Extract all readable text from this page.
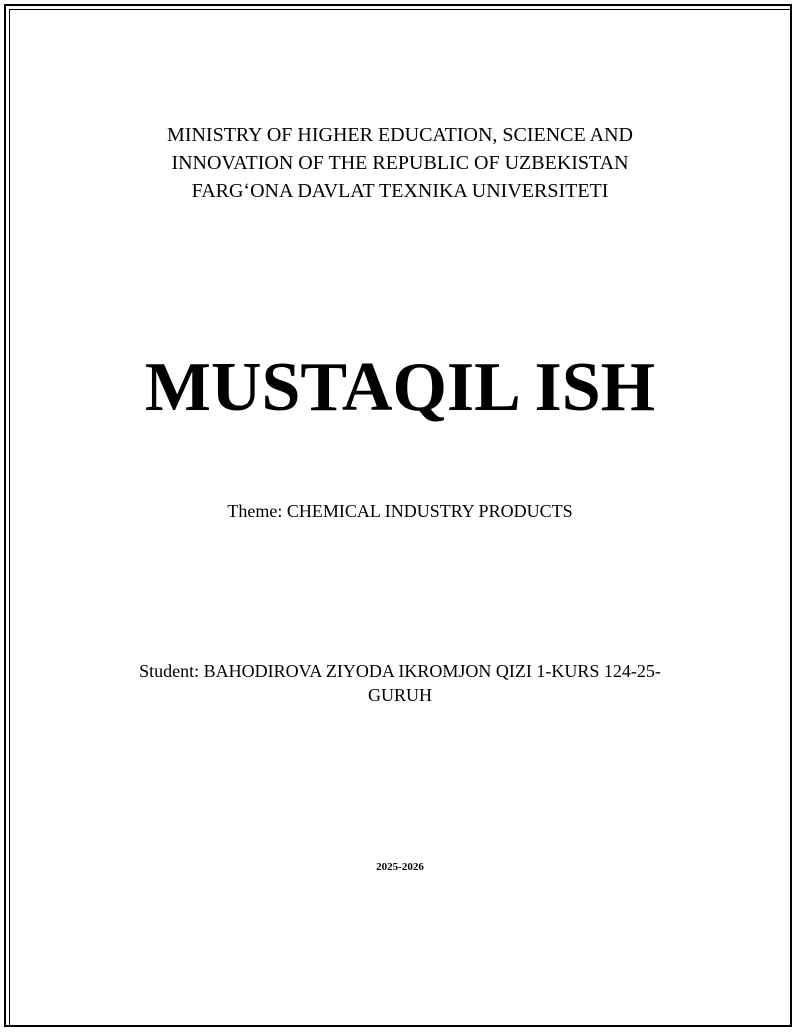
MINISTRY OF HIGHER EDUCATION, SCIENCE AND
INNOVATION OF THE REPUBLIC OF UZBEKISTAN
FARG‘ONA DAVLAT TEXNIKA UNIVERSITETI
MUSTAQIL ISH
Theme: CHEMICAL INDUSTRY PRODUCTS
Student: BAHODIROVA ZIYODA IKROMJON QIZI 1-KURS 124-25-GURUH
2025-2026
